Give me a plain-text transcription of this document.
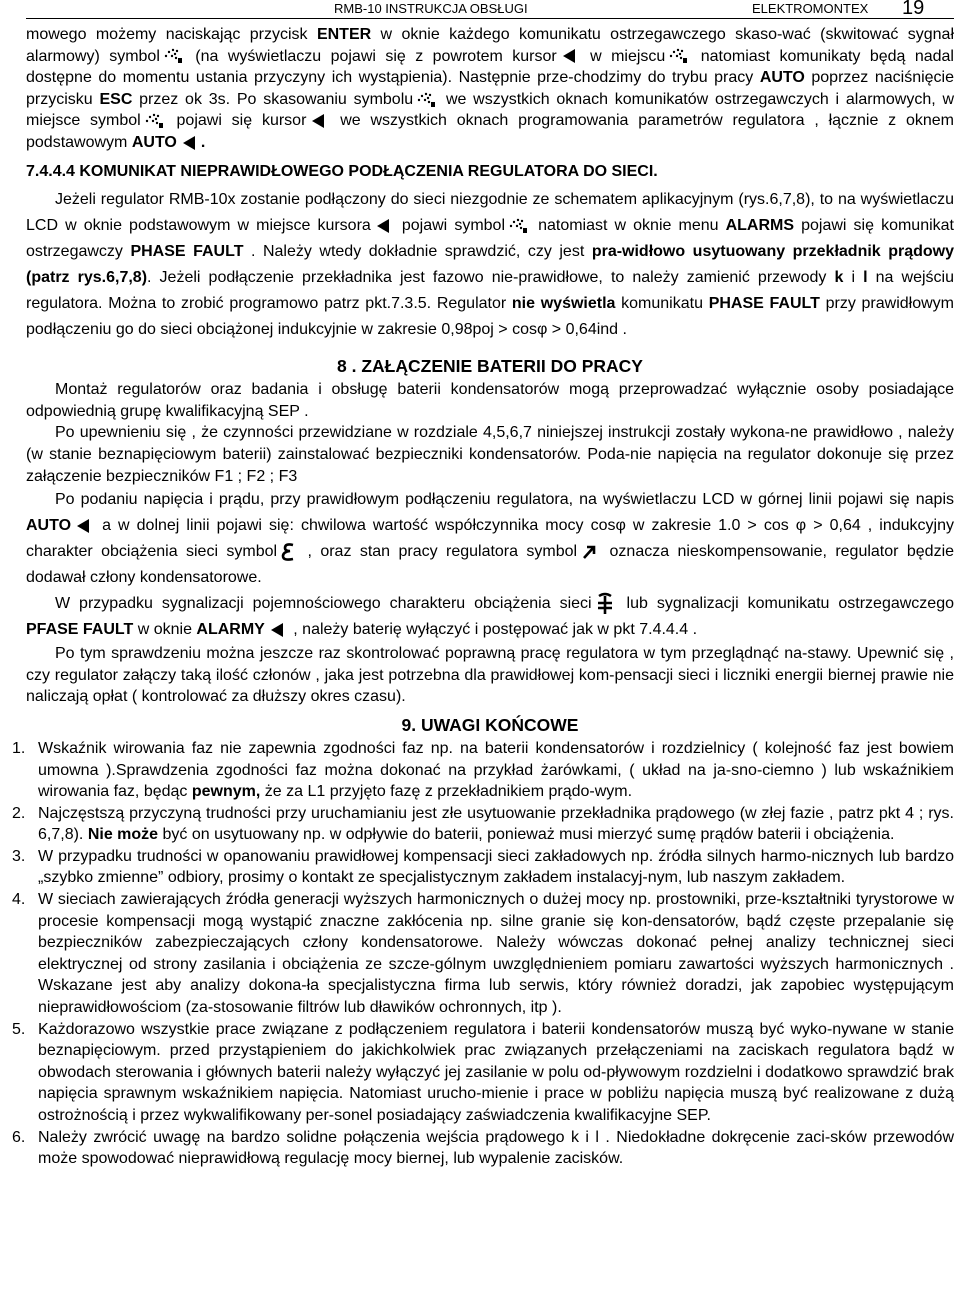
RMB-10 INSTRUKCJA OBSŁUGI	ELEKTROMONTEX 19

mowego możemy naciskając przycisk ENTER w oknie każdego komunikatu ostrzegawczego skaso-wać (skwitować sygnał alarmowy) symbol (na wyświetlaczu pojawi się z powrotem kursor w miejscu natomiast komunikaty będą nadal dostępne do momentu ustania przyczyny ich wystąpienia). Następnie prze-chodzimy do trybu pracy AUTO poprzez naciśnięcie przycisku ESC przez ok 3s. Po skasowaniu symbolu we wszystkich oknach komunikatów ostrzegawczych i alarmowych, w miejsce symbol pojawi się kursor we wszystkich oknach programowania parametrów regulatora , łącznie z oknem podstawowym AUTO .

7.4.4.4 KOMUNIKAT NIEPRAWIDŁOWEGO PODŁĄCZENIA REGULATORA DO SIECI.

Jeżeli regulator RMB-10x zostanie podłączony do sieci niezgodnie ze schematem aplikacyjnym (rys.6,7,8), to na wyświetlaczu LCD w oknie podstawowym w miejsce kursora pojawi symbol natomiast w oknie menu ALARMS pojawi się komunikat ostrzegawczy PHASE FAULT . Należy wtedy dokładnie sprawdzić, czy jest pra-widłowo usytuowany przekładnik prądowy (patrz rys.6,7,8). Jeżeli podłączenie przekładnika jest fazowo nie-prawidłowe, to należy zamienić przewody k i l na wejściu regulatora. Można to zrobić programowo patrz pkt.7.3.5. Regulator nie wyświetla komunikatu PHASE FAULT przy prawidłowym podłączeniu go do sieci obciążonej indukcyjnie w zakresie 0,98poj > cosφ > 0,64ind .

8 . ZAŁĄCZENIE BATERII DO PRACY

Montaż regulatorów oraz badania i obsługę baterii kondensatorów mogą przeprowadzać wyłącznie osoby posiadające odpowiednią grupę kwalifikacyjną SEP .

Po upewnieniu się , że czynności przewidziane w rozdziale 4,5,6,7 niniejszej instrukcji zostały wykona-ne prawidłowo , należy (w stanie beznapięciowym baterii) zainstalować bezpieczniki kondensatorów. Poda-nie napięcia na regulator dokonuje się przez załączenie bezpieczników F1 ; F2 ; F3

Po podaniu napięcia i prądu, przy prawidłowym podłączeniu regulatora, na wyświetlaczu LCD w górnej linii pojawi się napis AUTO a w dolnej linii pojawi się: chwilowa wartość współczynnika mocy cosφ w zakresie 1.0 > cos φ > 0,64 , indukcyjny charakter obciążenia sieci symbol , oraz stan pracy regulatora symbol oznacza nieskompensowanie, regulator będzie dodawał człony kondensatorowe.

W przypadku sygnalizacji pojemnościowego charakteru obciążenia sieci lub sygnalizacji komunikatu ostrzegawczego PFASE FAULT w oknie ALARMY , należy baterię wyłączyć i postępować jak w pkt 7.4.4.4 .

Po tym sprawdzeniu można jeszcze raz skontrolować poprawną pracę regulatora w tym przeglądnąć na-stawy. Upewnić się , czy regulator załączy taką ilość członów , jaka jest potrzebna dla prawidłowej kom-pensacji sieci i liczniki energii biernej prawie nie naliczają opłat ( kontrolować za dłuższy okres czasu).

9. UWAGI KOŃCOWE
1. Wskaźnik wirowania faz nie zapewnia zgodności faz np. na baterii kondensatorów i rozdzielnicy ( kolejność faz jest bowiem umowna ).Sprawdzenia zgodności faz można dokonać na przykład żarówkami, ( układ na ja-sno-ciemno ) lub wskaźnikiem wirowania faz, będąc pewnym, że za L1 przyjęto fazę z przekładnikiem prądo-wym.
2. Najczęstszą przyczyną trudności przy uruchamianiu jest złe usytuowanie przekładnika prądowego (w złej fazie , patrz pkt 4 ; rys. 6,7,8). Nie może być on usytuowany np. w odpływie do baterii, ponieważ musi mierzyć sumę prądów baterii i obciążenia.
3. W przypadku trudności w opanowaniu prawidłowej kompensacji sieci zakładowych np. źródła silnych harmo-nicznych lub bardzo „szybko zmienne” odbiory, prosimy o kontakt ze specjalistycznym zakładem instalacyj-nym, lub naszym zakładem.
4. W sieciach zawierających źródła generacji wyższych harmonicznych o dużej mocy np. prostowniki, prze-kształtniki tyrystorowe w procesie kompensacji mogą wystąpić znaczne zakłócenia np. silne granie się kon-densatorów, bądź częste przepalanie się bezpieczników zabezpieczających człony kondensatorowe. Należy wówczas dokonać pełnej analizy technicznej sieci elektrycznej od strony zasilania i obciążenia ze szcze-gólnym uwzględnieniem pomiaru zawartości wyższych harmonicznych . Wskazane jest aby analizy dokona-ła specjalistyczna firma lub serwis, który również doradzi, jak zapobiec występującym nieprawidłowościom (za-stosowanie filtrów lub dławików ochronnych, itp ).
5. Każdorazowo wszystkie prace związane z podłączeniem regulatora i baterii kondensatorów muszą być wyko-nywane w stanie beznapięciowym. przed przystąpieniem do jakichkolwiek prac związanych przełączeniami na zaciskach regulatora bądź w obwodach sterowania i głównych baterii należy wyłączyć jej zasilanie w polu od-pływowym rozdzielni i dodatkowo sprawdzić brak napięcia sprawnym wskaźnikiem napięcia. Natomiast urucho-mienie i prace w pobliżu napięcia muszą być realizowane z dużą ostrożnością i przez wykwalifikowany per-sonel posiadający zaświadczenia kwalifikacyjne SEP.
6. Należy zwrócić uwagę na bardzo solidne połączenia wejścia prądowego k i l . Niedokładne dokręcenie zaci-sków przewodów może spowodować nieprawidłową regulację mocy biernej, lub wypalenie zacisków.
